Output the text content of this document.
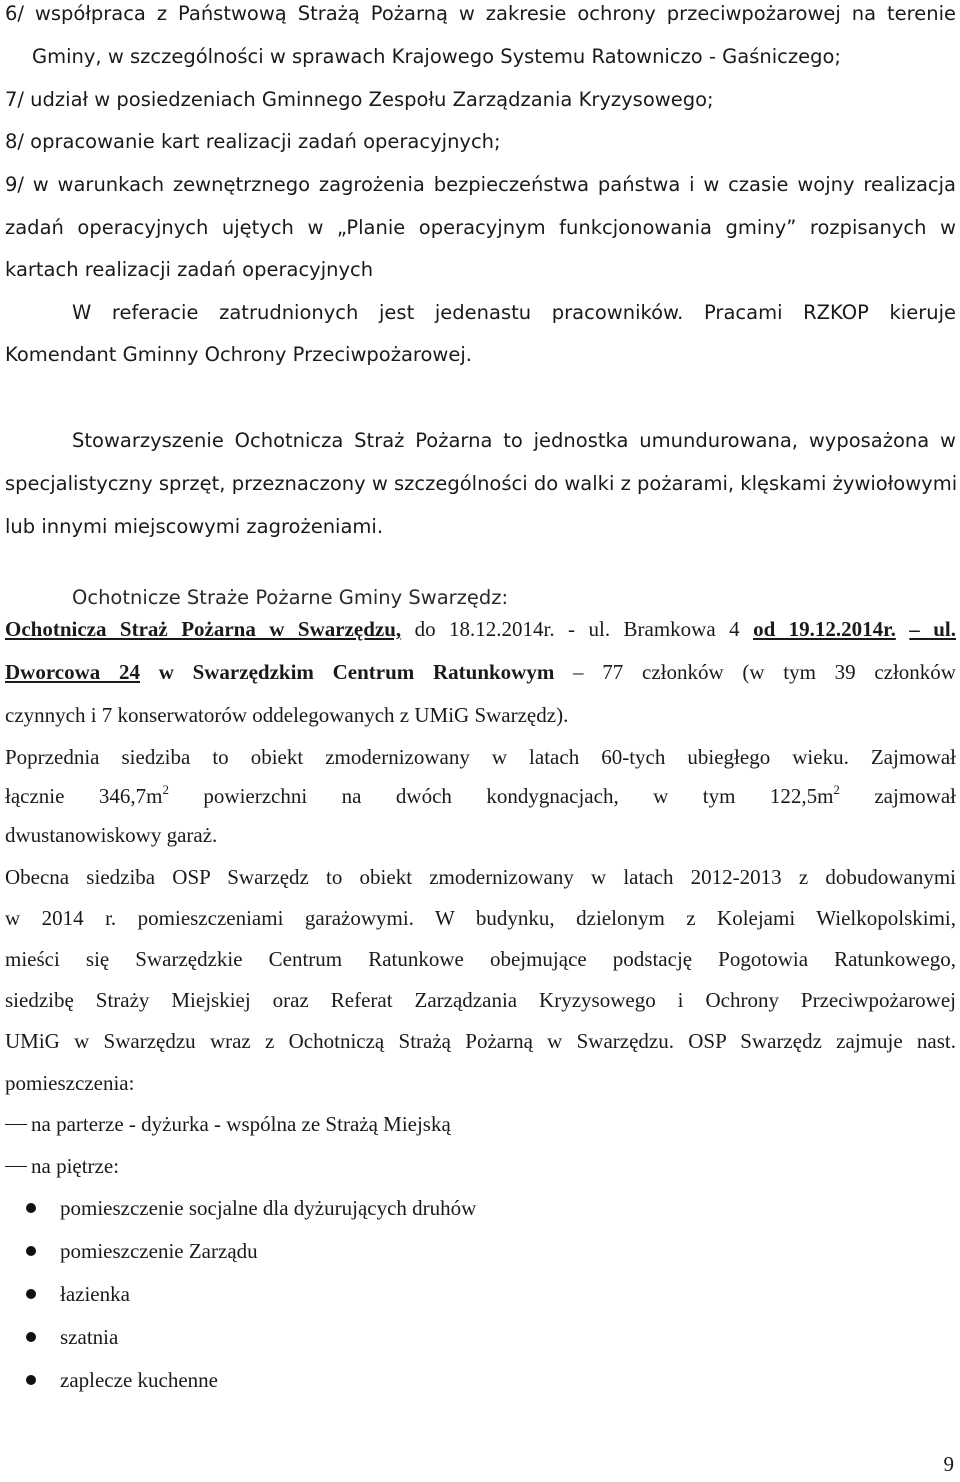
6/ współpraca z Państwową Strażą Pożarną w zakresie ochrony przeciwpożarowej na terenie
Gminy, w szczególności w sprawach Krajowego Systemu Ratowniczo - Gaśniczego;
7/ udział w posiedzeniach Gminnego Zespołu Zarządzania Kryzysowego;
8/ opracowanie kart realizacji zadań operacyjnych;
9/ w warunkach zewnętrznego zagrożenia bezpieczeństwa państwa i w czasie wojny realizacja
zadań operacyjnych ujętych w „Planie operacyjnym funkcjonowania gminy” rozpisanych w
kartach realizacji zadań operacyjnych
W referacie zatrudnionych jest jedenastu pracowników. Pracami RZKOP kieruje
Komendant Gminny Ochrony Przeciwpożarowej.
Stowarzyszenie Ochotnicza Straż Pożarna to jednostka umundurowana, wyposażona w
specjalistyczny sprzęt, przeznaczony w szczególności do walki z pożarami, klęskami żywiołowymi
lub innymi miejscowymi zagrożeniami.
Ochotnicze Straże Pożarne Gminy Swarzędz:
Ochotnicza Straż Pożarna w Swarzędzu, do 18.12.2014r. - ul. Bramkowa 4 od 19.12.2014r. – ul.
Dworcowa 24 w Swarzędzkim Centrum Ratunkowym – 77 członków (w tym 39 członków
czynnych i 7 konserwatorów oddelegowanych z UMiG Swarzędz).
Poprzednia siedziba to obiekt zmodernizowany w latach 60-tych ubiegłego wieku. Zajmował
łącznie $346,7m^2$ powierzchni na dwóch kondygnacjach, w tym $122,5m^2$ zajmował
dwustanowiskowy garaż.
Obecna siedziba OSP Swarzędz to obiekt zmodernizowany w latach 2012-2013 z dobudowanymi
w 2014 r. pomieszczeniami garażowymi. W budynku, dzielonym z Kolejami Wielkopolskimi,
mieści się Swarzędzkie Centrum Ratunkowe obejmujące podstację Pogotowia Ratunkowego,
siedzibę Straży Miejskiej oraz Referat Zarządzania Kryzysowego i Ochrony Przeciwpożarowej
UMiG w Swarzędzu wraz z Ochotniczą Strażą Pożarną w Swarzędzu. OSP Swarzędz zajmuje nast.
pomieszczenia:
na parterze - dyżurka - wspólna ze Strażą Miejską
na piętrze:
pomieszczenie socjalne dla dyżurujących druhów
pomieszczenie Zarządu
łazienka
szatnia
zaplecze kuchenne
9
